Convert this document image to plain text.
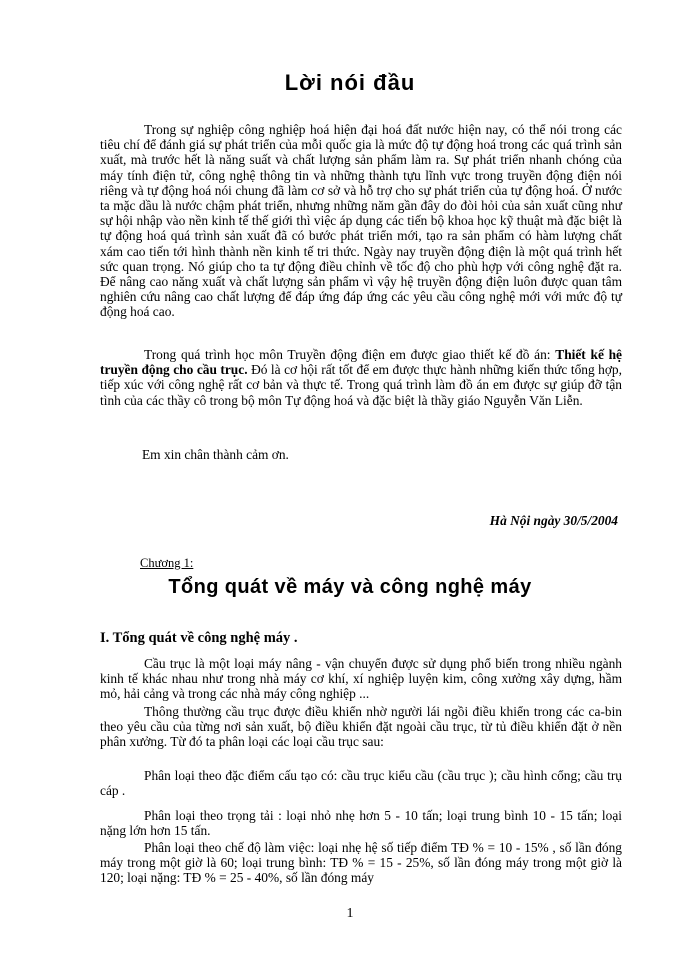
Lời nói đầu

Trong sự nghiệp công nghiệp hoá hiện đại hoá đất nước hiện nay, có thể nói trong các tiêu chí để đánh giá sự phát triển của mỗi quốc gia là mức độ tự động hoá trong các quá trình sản xuất, mà trước hết là năng suất và chất lượng sản phẩm làm ra. Sự phát triển nhanh chóng của máy tính điện tử, công nghệ thông tin và những thành tựu lĩnh vực trong truyền động điện nói riêng và tự động hoá nói chung đã làm cơ sở và hỗ trợ cho sự phát triển của tự động hoá. Ở nước ta mặc dầu là nước chậm phát triển, nhưng những năm gần đây do đòi hỏi của sản xuất cũng như sự hội nhập vào nền kinh tế thế giới thì việc áp dụng các tiến bộ khoa học kỹ thuật mà đặc biệt là tự động hoá quá trình sản xuất đã có bước phát triển mới, tạo ra sản phẩm có hàm lượng chất xám cao tiến tới hình thành nền kinh tế tri thức. Ngày nay truyền động điện là một quá trình hết sức quan trọng. Nó giúp cho ta tự động điều chỉnh về tốc độ cho phù hợp với công nghệ đặt ra. Để nâng cao năng xuất và chất lượng sản phẩm vì vậy hệ truyền động điện luôn được quan tâm nghiên cứu nâng cao chất lượng để đáp ứng đáp ứng các yêu cầu công nghệ mới với mức độ tự động hoá cao.

Trong quá trình học môn Truyền động điện em được giao thiết kế đồ án: Thiết kế hệ truyền động cho cầu trục. Đó là cơ hội rất tốt để em được thực hành những kiến thức tổng hợp, tiếp xúc với công nghệ rất cơ bản và thực tế. Trong quá trình làm đồ án em được sự giúp đỡ tận tình của các thầy cô trong bộ môn Tự động hoá và đặc biệt là thầy giáo Nguyễn Văn Liễn.

Em xin chân thành cảm ơn.
Hà Nội ngày 30/5/2004
Chương 1:
Tổng quát về máy và công nghệ máy
I. Tổng quát về công nghệ máy .

Cầu trục là một loại máy nâng - vận chuyển được sử dụng phổ biến trong nhiều ngành kinh tế khác nhau như trong nhà máy cơ khí, xí nghiệp luyện kim, công xưởng xây dựng, hầm mỏ, hải cảng và trong các nhà máy công nghiệp ...

Thông thường cầu trục được điều khiển nhờ người lái ngồi điều khiển trong các ca-bin theo yêu cầu của từng nơi sản xuất, bộ điều khiển đặt ngoài cầu trục, từ tủ điều khiển đặt ở nền phân xưởng. Từ đó ta phân loại các loại cầu trục sau:

Phân loại theo đặc điểm cấu tạo có: cầu trục kiểu cầu (cầu trục ); cầu hình cổng; cầu trụ cáp .

Phân loại theo trọng tải : loại nhỏ nhẹ hơn 5 - 10 tấn; loại trung bình 10 - 15 tấn; loại nặng lớn hơn 15 tấn.

Phân loại theo chế độ làm việc: loại nhẹ hệ số tiếp điểm TĐ % = 10 - 15% , số lần đóng máy trong một giờ là 60; loại trung bình: TĐ % = 15 - 25%, số lần đóng máy trong một giờ là 120; loại nặng: TĐ % = 25 - 40%, số lần đóng máy

1
